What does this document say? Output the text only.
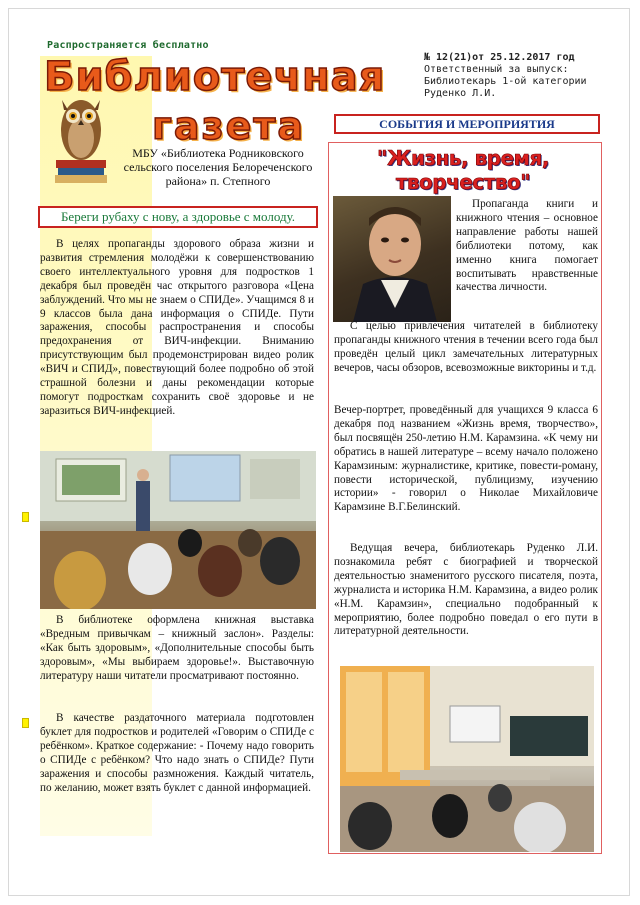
Распространяется бесплатно
Библиотечная
газета
№ 12(21)от 25.12.2017 год
Ответственный за выпуск:
Библиотекарь 1-ой категории
Руденко Л.И.
СОБЫТИЯ И МЕРОПРИЯТИЯ
МБУ «Библиотека Родниковского сельского поселения Белореченского района» п. Степного
Береги рубаху с нову, а здоровье с молоду.

В целях пропаганды здорового образа жизни и развития стремления молодёжи к совершенствованию своего интеллектуального уровня для подростков 1 декабря был проведён час открытого разговора «Цена заблуждений. Что мы не знаем о СПИДе». Учащимся 8 и 9 классов была дана информация о СПИДе. Пути заражения, способы распространения и способы предохранения от ВИЧ-инфекции. Вниманию присутствующим был продемонстрирован видео ролик «ВИЧ и СПИД», повествующий более подробно об этой страшной болезни и даны рекомендации которые помогут подросткам сохранить своё здоровье и не заразиться ВИЧ-инфекцией.

В библиотеке оформлена книжная выставка «Вредным привычкам – книжный заслон». Разделы: «Как быть здоровым», «Дополнительные способы быть здоровым», «Мы выбираем здоровье!». Выставочную литературу наши читатели просматривают постоянно.

В качестве раздаточного материала подготовлен буклет для подростков и родителей «Говорим о СПИДе с ребёнком». Краткое содержание: - Почему надо говорить о СПИДе с ребёнком? Что надо знать о СПИДе? Пути заражения и способы размножения. Каждый читатель, по желанию, может взять буклет с данной информацией.

"Жизнь, время, творчество"

Пропаганда книги и книжного чтения – основное направление работы нашей библиотеки потому, как именно книга помогает воспитывать нравственные качества личности.

С целью привлечения читателей в библиотеку пропаганды книжного чтения в течении всего года был проведён целый цикл замечательных литературных вечеров, часы обзоров, всевозможные викторины и т.д.

Вечер-портрет, проведённый для учащихся 9 класса 6 декабря под названием «Жизнь время, творчество», был посвящён 250-летию Н.М. Карамзина. «К чему ни обратись в нашей литературе – всему начало положено Карамзиным: журналистике, критике, повести-роману, повести исторической, публицизму, изучению истории» - говорил о Николае Михайловиче Карамзине В.Г.Белинский.

Ведущая вечера, библиотекарь Руденко Л.И. познакомила ребят с биографией и творческой деятельностью знаменитого русского писателя, поэта, журналиста и историка Н.М. Карамзина, а видео ролик «Н.М. Карамзин», специально подобранный к мероприятию, более подробно поведал о его пути в литературной деятельности.
